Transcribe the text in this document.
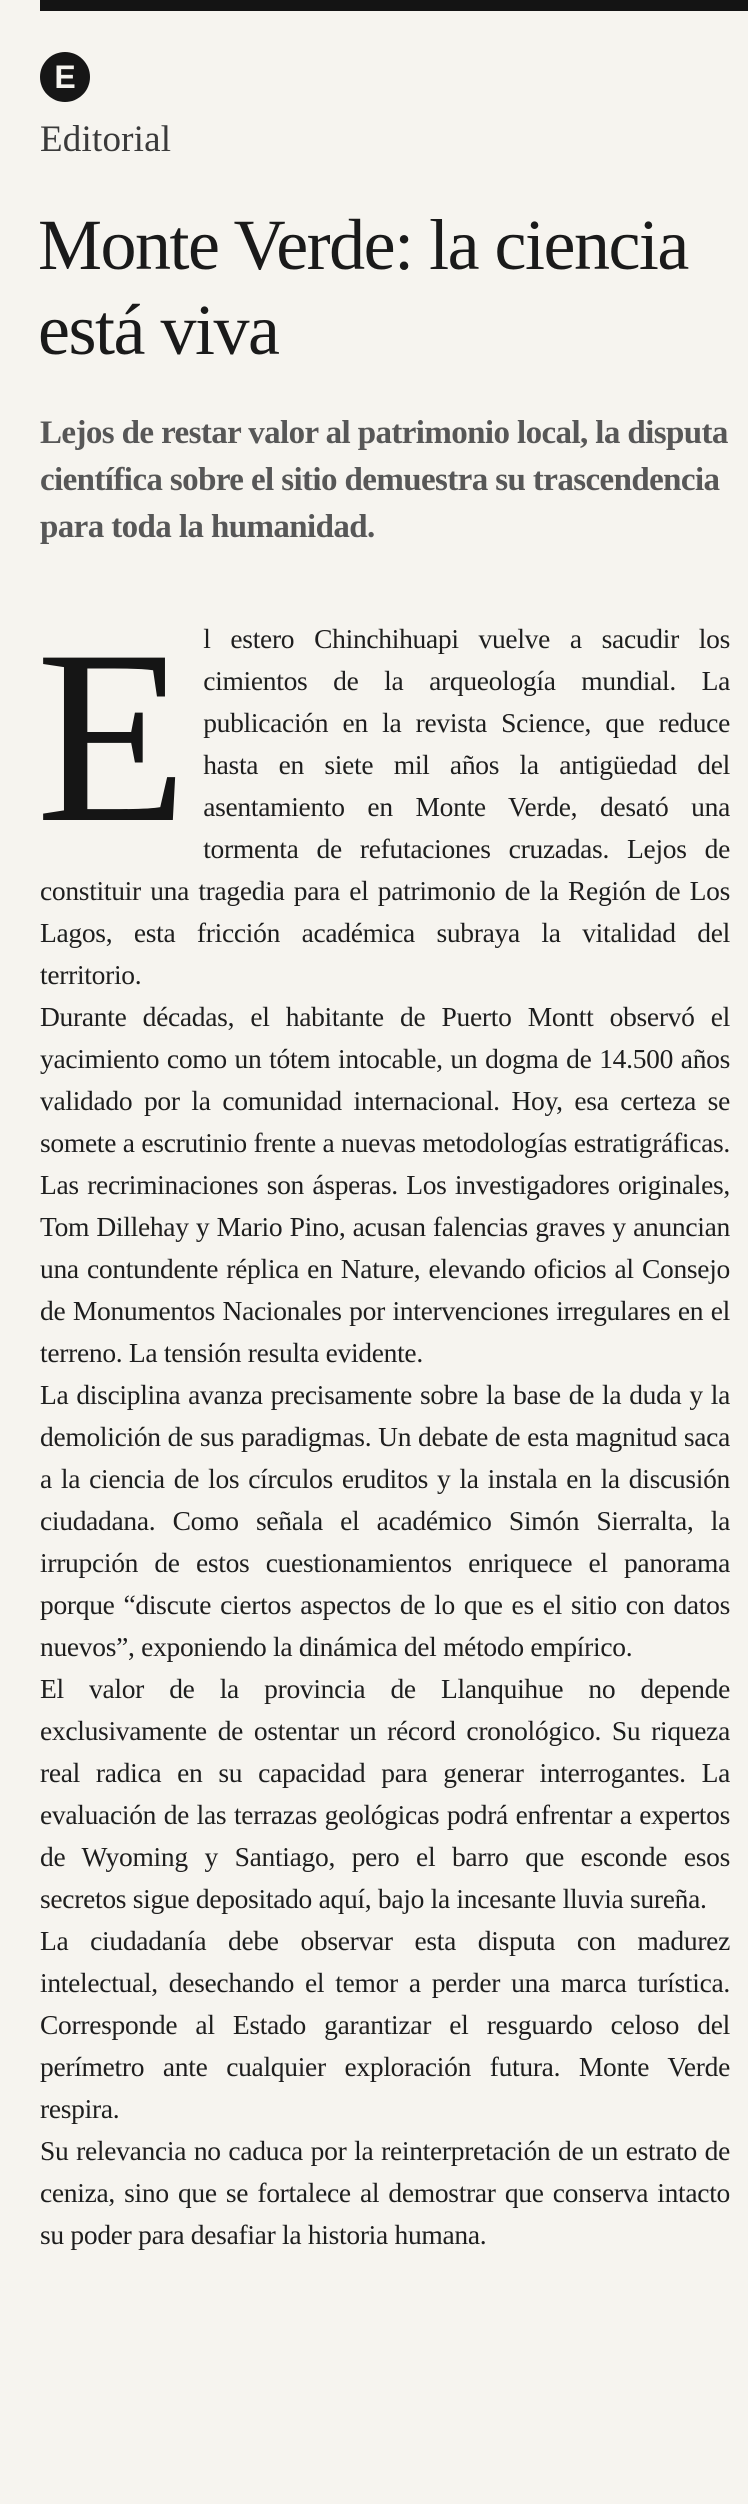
E
Editorial
Monte Verde: la ciencia está viva

Lejos de restar valor al patrimonio local, la disputa científica sobre el sitio demuestra su trascendencia para toda la humanidad.

El estero Chinchihuapi vuelve a sacudir los cimientos de la arqueología mundial. La publicación en la revista Science, que reduce hasta en siete mil años la antigüedad del asentamiento en Monte Verde, desató una tormenta de refutaciones cruzadas. Lejos de constituir una tragedia para el patrimonio de la Región de Los Lagos, esta fricción académica subraya la vitalidad del territorio.

Durante décadas, el habitante de Puerto Montt observó el yacimiento como un tótem intocable, un dogma de 14.500 años validado por la comunidad internacional. Hoy, esa certeza se somete a escrutinio frente a nuevas metodologías estratigráficas. Las recriminaciones son ásperas. Los investigadores originales, Tom Dillehay y Mario Pino, acusan falencias graves y anuncian una contundente réplica en Nature, elevando oficios al Consejo de Monumentos Nacionales por intervenciones irregulares en el terreno. La tensión resulta evidente.

La disciplina avanza precisamente sobre la base de la duda y la demolición de sus paradigmas. Un debate de esta magnitud saca a la ciencia de los círculos eruditos y la instala en la discusión ciudadana. Como señala el académico Simón Sierralta, la irrupción de estos cuestionamientos enriquece el panorama porque “discute ciertos aspectos de lo que es el sitio con datos nuevos”, exponiendo la dinámica del método empírico.

El valor de la provincia de Llanquihue no depende exclusivamente de ostentar un récord cronológico. Su riqueza real radica en su capacidad para generar interrogantes. La evaluación de las terrazas geológicas podrá enfrentar a expertos de Wyoming y Santiago, pero el barro que esconde esos secretos sigue depositado aquí, bajo la incesante lluvia sureña.

La ciudadanía debe observar esta disputa con madurez intelectual, desechando el temor a perder una marca turística. Corresponde al Estado garantizar el resguardo celoso del perímetro ante cualquier exploración futura. Monte Verde respira.

Su relevancia no caduca por la reinterpretación de un estrato de ceniza, sino que se fortalece al demostrar que conserva intacto su poder para desafiar la historia humana.
